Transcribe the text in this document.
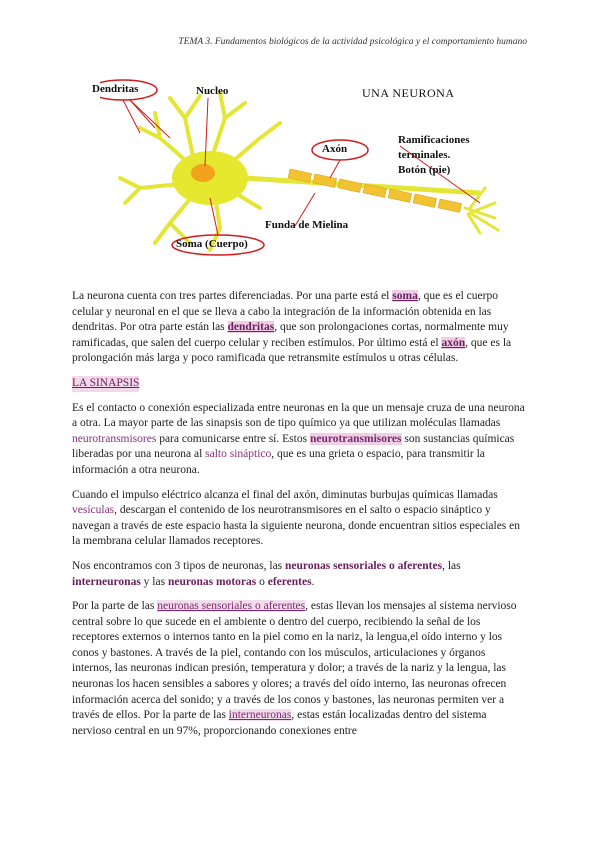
TEMA 3. Fundamentos biológicos de la actividad psicológica y el comportamiento humano
UNA NEURONA
Dendritas	Nucleo
Axón
Ramificaciones
terminales.
Botón (pie)
Funda de Mielina
Soma (Cuerpo)

La neurona cuenta con tres partes diferenciadas. Por una parte está el soma, que es el cuerpo celular y neuronal en el que se lleva a cabo la integración de la información obtenida en las dendritas. Por otra parte están las dendritas, que son prolongaciones cortas, normalmente muy ramificadas, que salen del cuerpo celular y reciben estímulos. Por último está el axón, que es la prolongación más larga y poco ramificada que retransmite estímulos u otras células.

LA SINAPSIS

Es el contacto o conexión especializada entre neuronas en la que un mensaje cruza de una neurona a otra. La mayor parte de las sinapsis son de tipo químico ya que utilizan moléculas llamadas neurotransmisores para comunicarse entre sí. Estos neurotransmisores son sustancias químicas liberadas por una neurona al salto sináptico, que es una grieta o espacio, para transmitir la información a otra neurona.

Cuando el impulso eléctrico alcanza el final del axón, diminutas burbujas químicas llamadas vesículas, descargan el contenido de los neurotransmisores en el salto o espacio sináptico y navegan a través de este espacio hasta la siguiente neurona, donde encuentran sitios especiales en la membrana celular llamados receptores.

Nos encontramos con 3 tipos de neuronas, las neuronas sensoriales o aferentes, las interneuronas y las neuronas motoras o eferentes.

Por la parte de las neuronas sensoriales o aferentes, estas llevan los mensajes al sistema nervioso central sobre lo que sucede en el ambiente o dentro del cuerpo, recibiendo la señal de los receptores externos o internos tanto en la piel como en la nariz, la lengua,el oído interno y los conos y bastones. A través de la piel, contando con los músculos, articulaciones y órganos internos, las neuronas indican presión, temperatura y dolor; a través de la nariz y la lengua, las neuronas los hacen sensibles a sabores y olores; a través del oído interno, las neuronas ofrecen información acerca del sonido; y a través de los conos y bastones, las neuronas permiten ver a través de ellos. Por la parte de las interneuronas, estas están localizadas dentro del sistema nervioso central en un 97%, proporcionando conexiones entre
